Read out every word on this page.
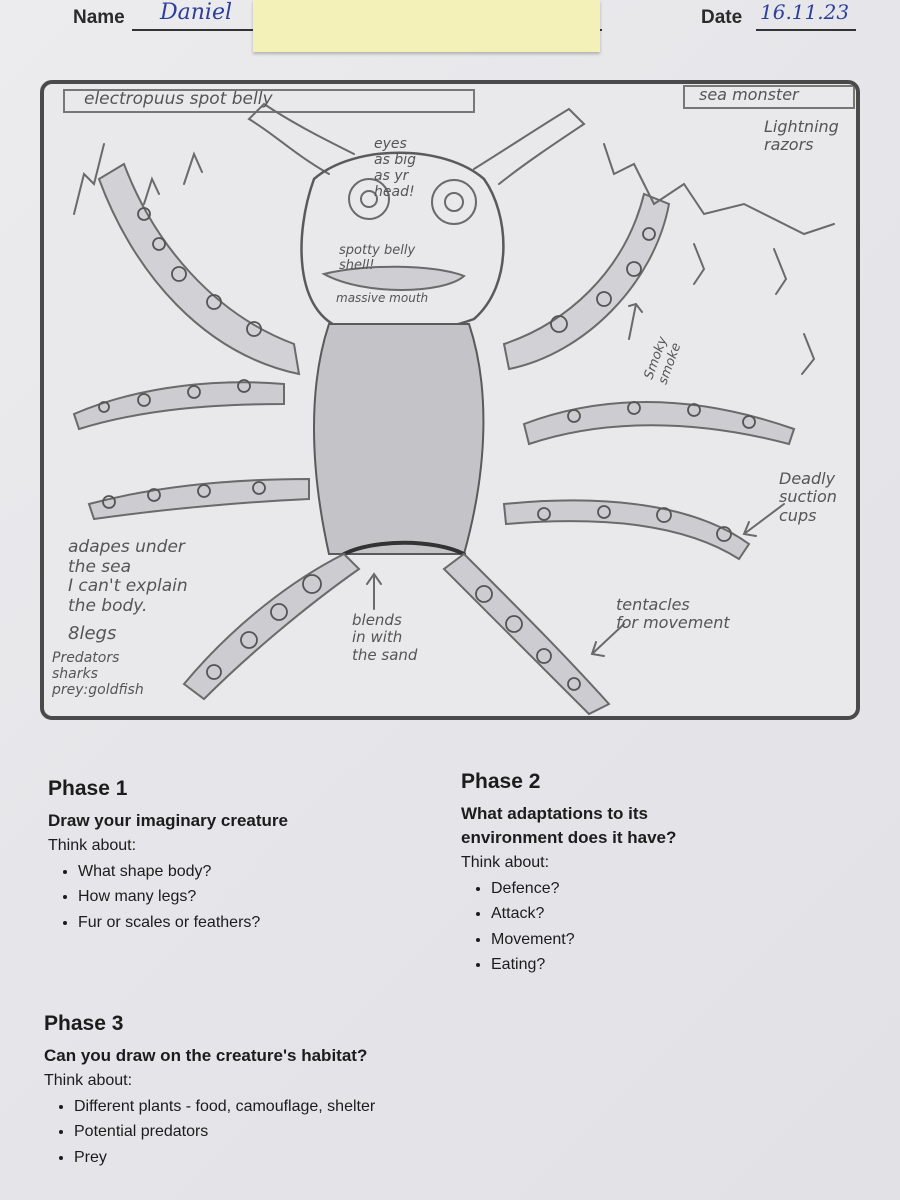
Name Daniel	Date 16.11.23
electropuus spot belly	sea monster
Lightning
razors
eyes
as big
as yr
head!
spotty belly
shell!
massive mouth
Smoky
smoke
Deadly
suction
cups
tentacles
for movement
blends
in with
the sand
adapes under
the sea
I can't explain
the body.
8legs
Predators
sharks
prey:goldfish
Phase 1

Draw your imaginary creature

Think about:

• What shape body?
• How many legs?
• Fur or scales or feathers?
Phase 2

What adaptations to its environment does it have?

Think about:

• Defence?
• Attack?
• Movement?
• Eating?
Phase 3

Can you draw on the creature's habitat?

Think about:

• Different plants - food, camouflage, shelter
• Potential predators
• Prey
